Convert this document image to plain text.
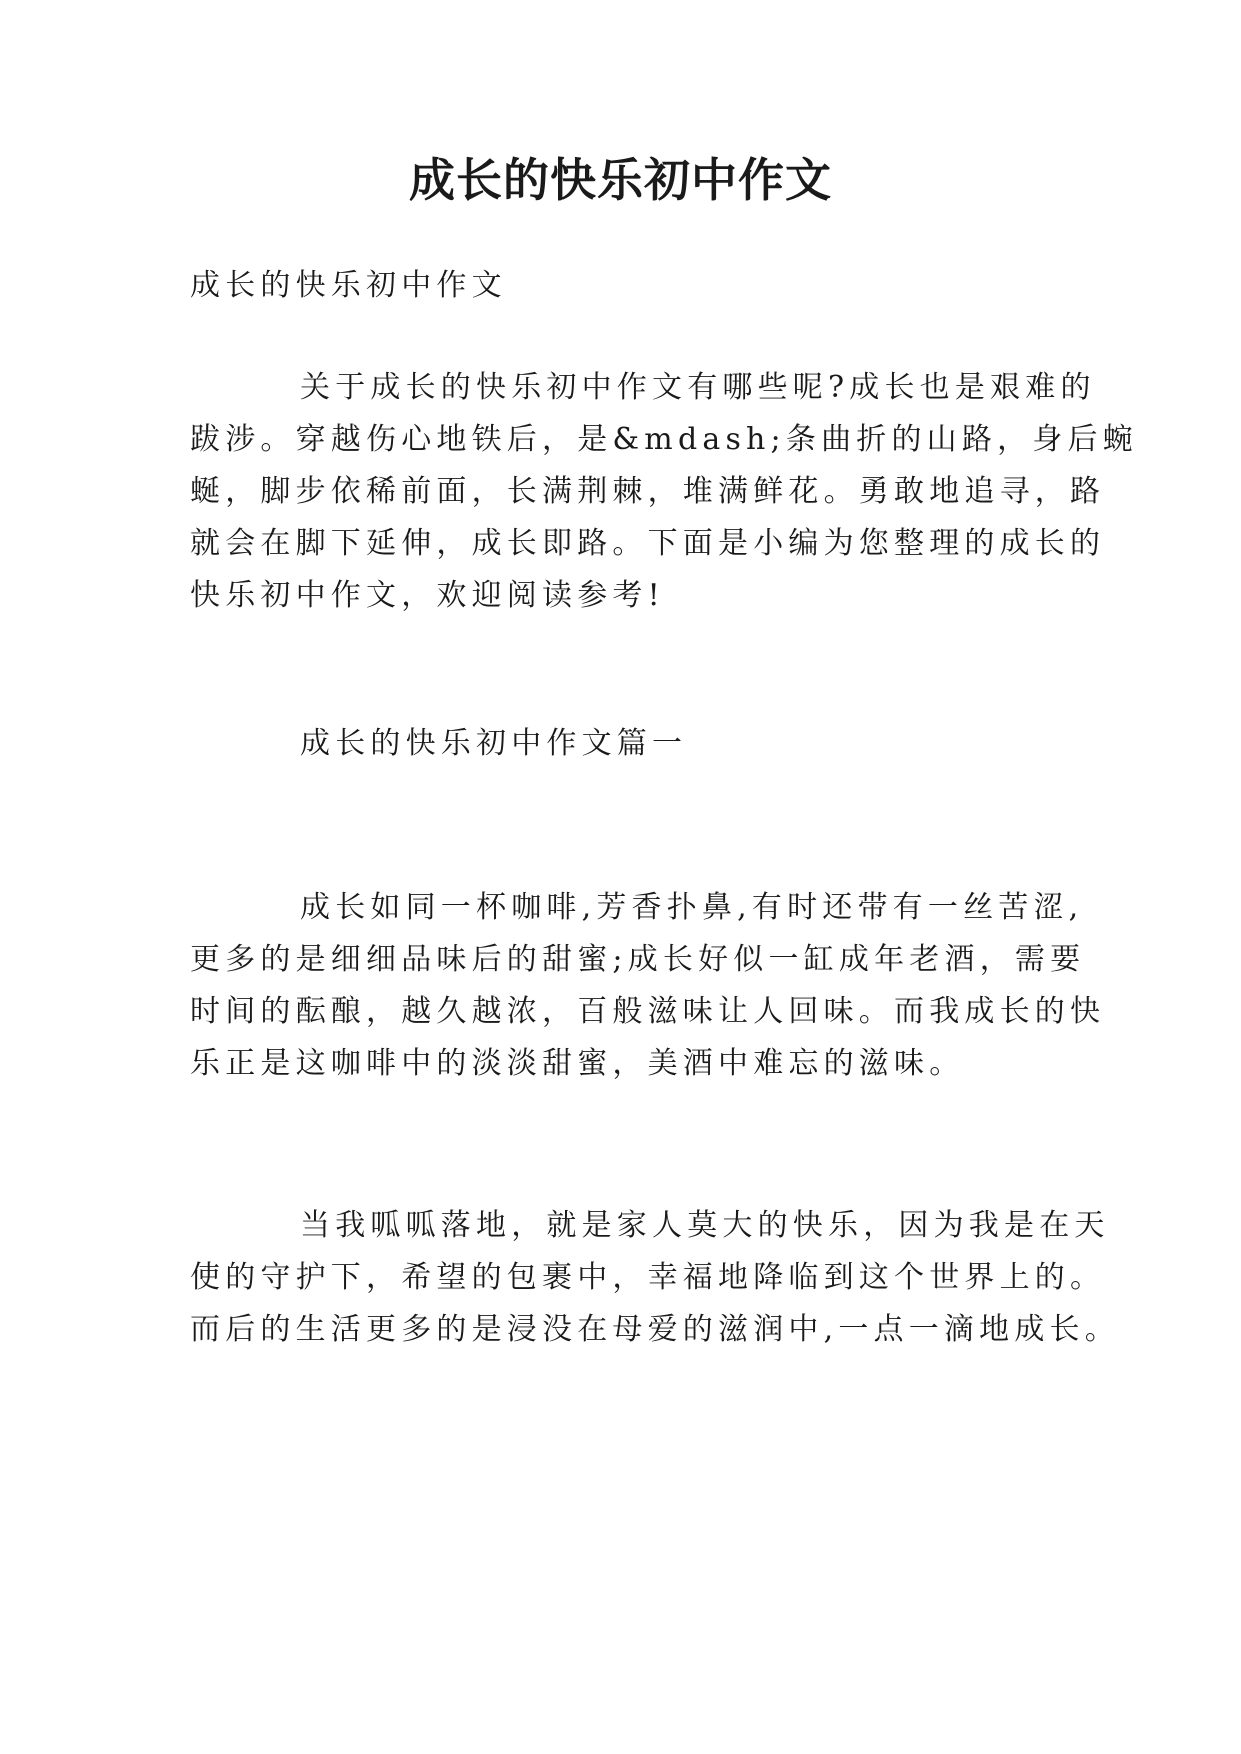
成长的快乐初中作文
成长的快乐初中作文
关于成长的快乐初中作文有哪些呢?成长也是艰难的
跋涉。穿越伤心地铁后，是&mdash;条曲折的山路，身后蜿
蜒，脚步依稀前面，长满荆棘，堆满鲜花。勇敢地追寻，路
就会在脚下延伸，成长即路。下面是小编为您整理的成长的
快乐初中作文，欢迎阅读参考!
成长的快乐初中作文篇一
成长如同一杯咖啡,芳香扑鼻,有时还带有一丝苦涩,
更多的是细细品味后的甜蜜;成长好似一缸成年老酒，需要
时间的酝酿，越久越浓，百般滋味让人回味。而我成长的快
乐正是这咖啡中的淡淡甜蜜，美酒中难忘的滋味。
当我呱呱落地，就是家人莫大的快乐，因为我是在天
使的守护下，希望的包裹中，幸福地降临到这个世界上的。
而后的生活更多的是浸没在母爱的滋润中,一点一滴地成长。
